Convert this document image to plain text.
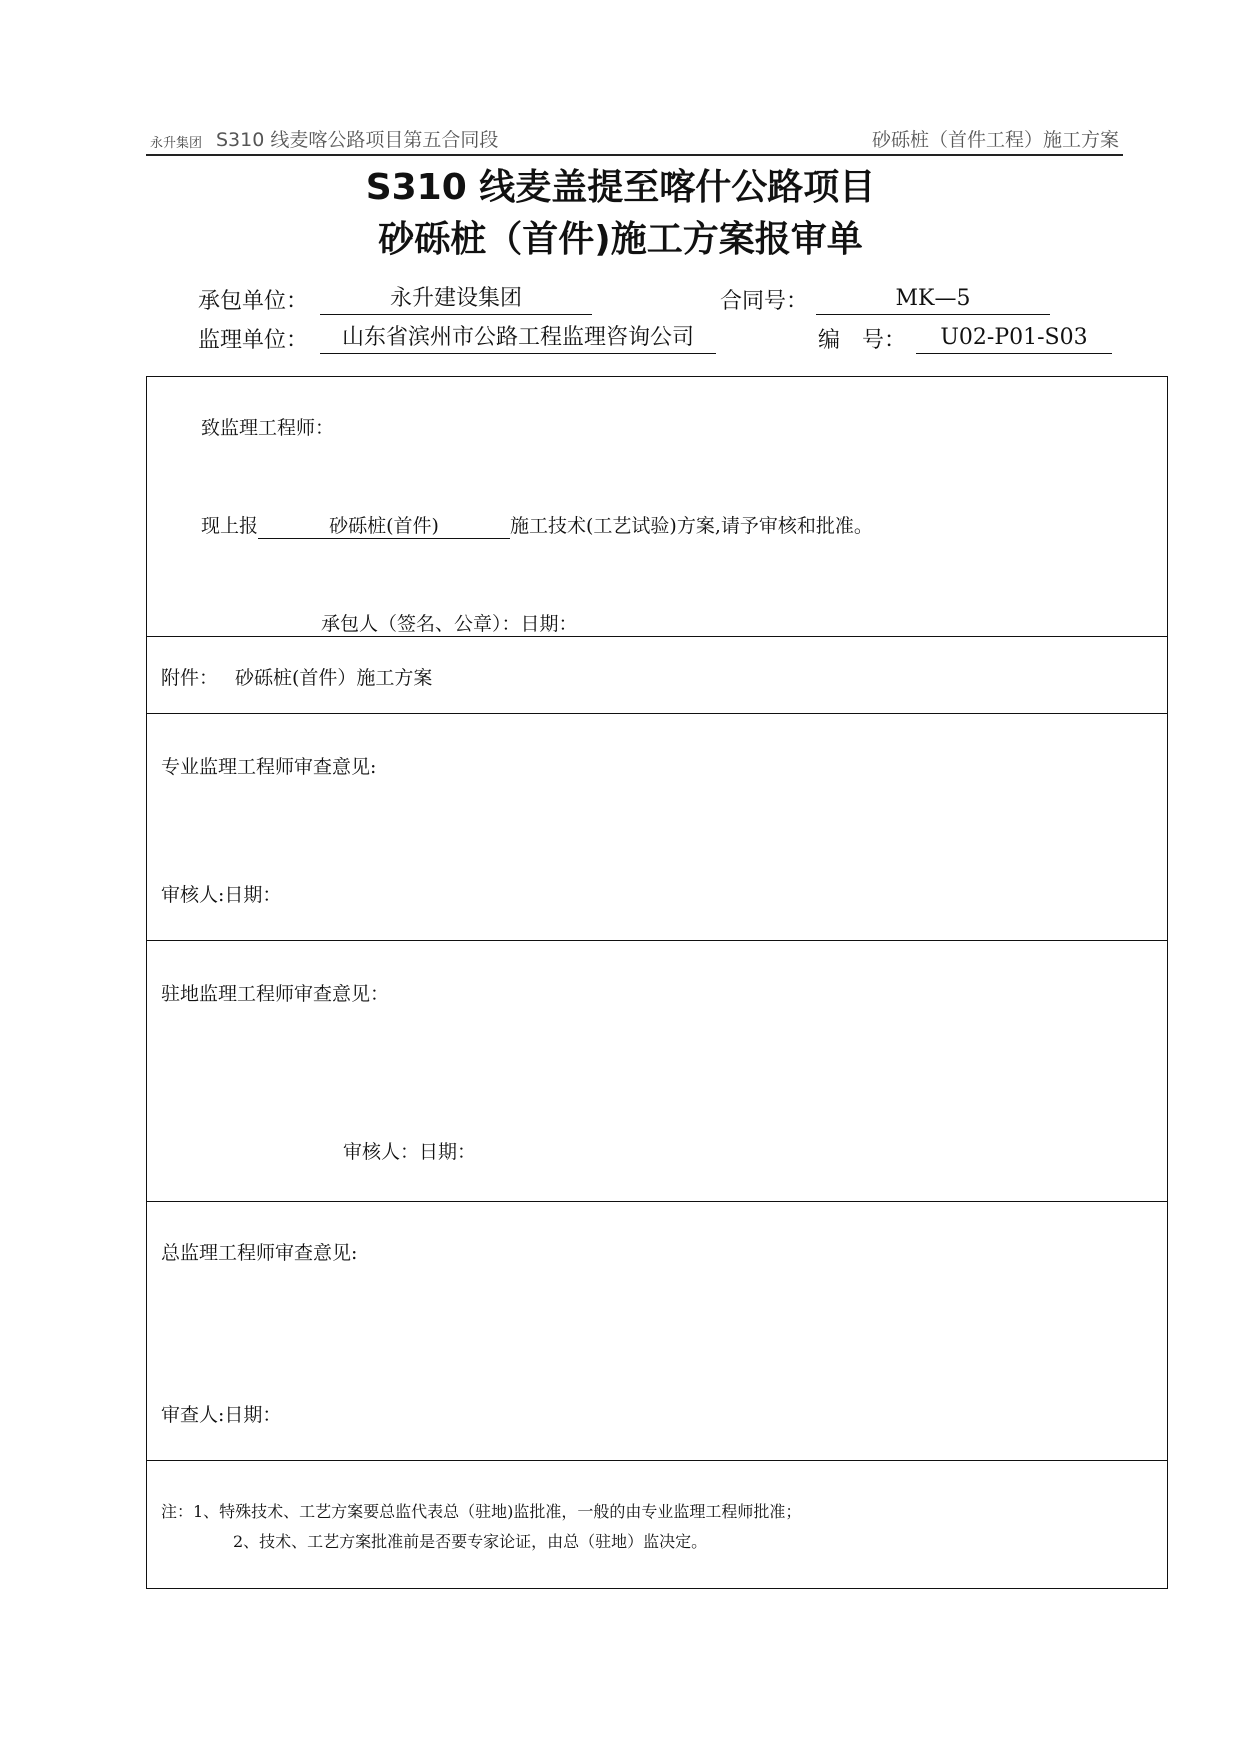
永升集团 S310 线麦喀公路项目第五合同段	砂砾桩（首件工程）施工方案
S310 线麦盖提至喀什公路项目
砂砾桩（首件)施工方案报审单
承包单位：	永升建设集团	合同号：	MK—5
监理单位：	山东省滨州市公路工程监理咨询公司	编　号：	U02-P01-S03
致监理工程师：
现上报	砂砾桩(首件)	施工技术(工艺试验)方案,请予审核和批准。
承包人（签名、公章）：日期：
附件： 砂砾桩(首件）施工方案
专业监理工程师审查意见:
审核人:日期：
驻地监理工程师审查意见：
审核人：日期：
总监理工程师审查意见:
审查人:日期：
注：1、特殊技术、工艺方案要总监代表总（驻地)监批准，一般的由专业监理工程师批准；
2、技术、工艺方案批准前是否要专家论证，由总（驻地）监决定。
